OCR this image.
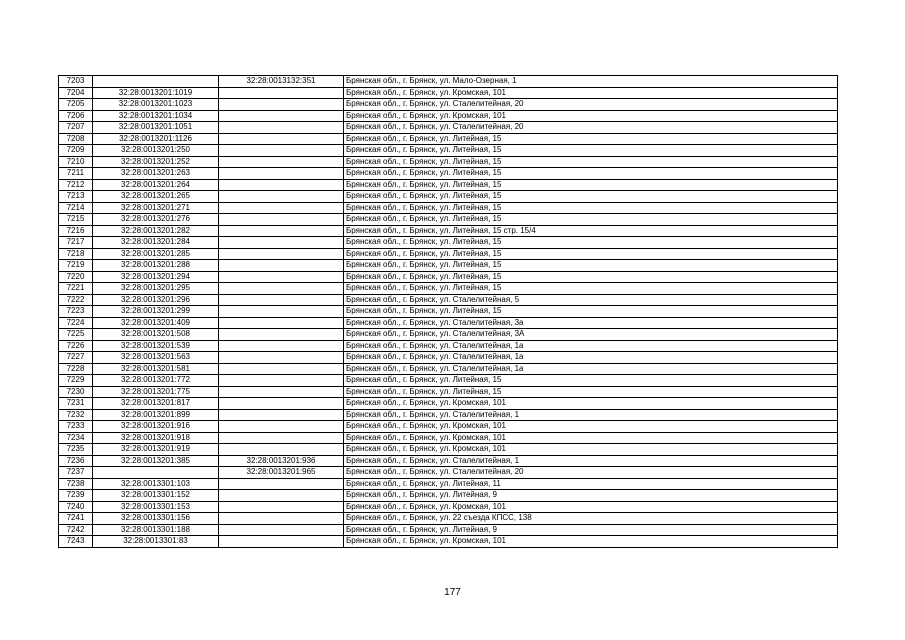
7203		32:28:0013132:351	Брянская обл., г. Брянск, ул. Мало-Озерная, 1
7204	32:28:0013201:1019		Брянская обл., г. Брянск, ул. Кромская, 101
7205	32:28:0013201:1023		Брянская обл., г. Брянск, ул. Сталелитейная, 20
7206	32:28:0013201:1034		Брянская обл., г. Брянск, ул. Кромская, 101
7207	32:28:0013201:1051		Брянская обл., г. Брянск, ул. Сталелитейная, 20
7208	32:28:0013201:1126		Брянская обл., г. Брянск, ул. Литейная, 15
7209	32:28:0013201:250		Брянская обл., г. Брянск, ул. Литейная, 15
7210	32:28:0013201:252		Брянская обл., г. Брянск, ул. Литейная, 15
7211	32:28:0013201:263		Брянская обл., г. Брянск, ул. Литейная, 15
7212	32:28:0013201:264		Брянская обл., г. Брянск, ул. Литейная, 15
7213	32:28:0013201:265		Брянская обл., г. Брянск, ул. Литейная, 15
7214	32:28:0013201:271		Брянская обл., г. Брянск, ул. Литейная, 15
7215	32:28:0013201:276		Брянская обл., г. Брянск, ул. Литейная, 15
7216	32:28:0013201:282		Брянская обл., г. Брянск, ул. Литейная, 15 стр. 15/4
7217	32:28:0013201:284		Брянская обл., г. Брянск, ул. Литейная, 15
7218	32:28:0013201:285		Брянская обл., г. Брянск, ул. Литейная, 15
7219	32:28:0013201:288		Брянская обл., г. Брянск, ул. Литейная, 15
7220	32:28:0013201:294		Брянская обл., г. Брянск, ул. Литейная, 15
7221	32:28:0013201:295		Брянская обл., г. Брянск, ул. Литейная, 15
7222	32:28:0013201:296		Брянская обл., г. Брянск, ул. Сталелитейная, 5
7223	32:28:0013201:299		Брянская обл., г. Брянск, ул. Литейная, 15
7224	32:28:0013201:409		Брянская обл., г. Брянск, ул. Сталелитейная, 3а
7225	32:28:0013201:508		Брянская обл., г. Брянск, ул. Сталелитейная, 3А
7226	32:28:0013201:539		Брянская обл., г. Брянск, ул. Сталелитейная, 1а
7227	32:28:0013201:563		Брянская обл., г. Брянск, ул. Сталелитейная, 1а
7228	32:28:0013201:581		Брянская обл., г. Брянск, ул. Сталелитейная, 1а
7229	32:28:0013201:772		Брянская обл., г. Брянск, ул. Литейная, 15
7230	32:28:0013201:775		Брянская обл., г. Брянск, ул. Литейная, 15
7231	32:28:0013201:817		Брянская обл., г. Брянск, ул. Кромская, 101
7232	32:28:0013201:899		Брянская обл., г. Брянск, ул. Сталелитейная, 1
7233	32:28:0013201:916		Брянская обл., г. Брянск, ул. Кромская, 101
7234	32:28:0013201:918		Брянская обл., г. Брянск, ул. Кромская, 101
7235	32:28:0013201:919		Брянская обл., г. Брянск, ул. Кромская, 101
7236	32:28:0013201:385	32:28:0013201:936	Брянская обл., г. Брянск, ул. Сталелитейная, 1
7237		32:28:0013201:965	Брянская обл., г. Брянск, ул. Сталелитейная, 20
7238	32:28:0013301:103		Брянская обл., г. Брянск, ул. Литейная, 11
7239	32:28:0013301:152		Брянская обл., г. Брянск, ул. Литейная, 9
7240	32:28:0013301:153		Брянская обл., г. Брянск, ул. Кромская, 101
7241	32:28:0013301:156		Брянская обл., г. Брянск, ул. 22 съезда КПСС, 138
7242	32:28:0013301:188		Брянская обл., г. Брянск, ул. Литейная, 9
7243	32:28:0013301:83		Брянская обл., г. Брянск, ул. Кромская, 101
177
